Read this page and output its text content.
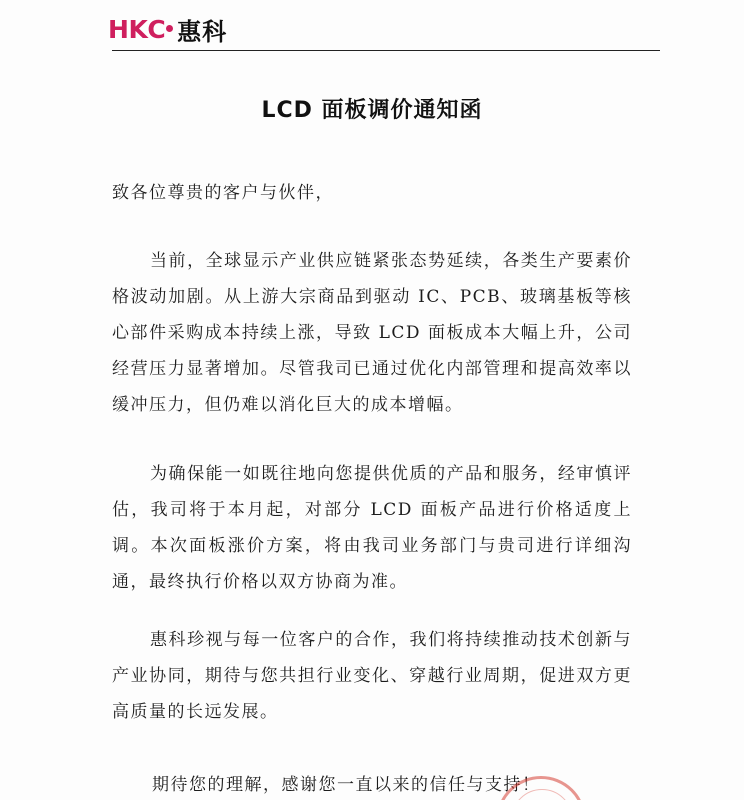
H K C 惠科
LCD 面板调价通知函
致各位尊贵的客户与伙伴，

当前，全球显示产业供应链紧张态势延续，各类生产要素价格波动加剧。从上游大宗商品到驱动 IC、PCB、玻璃基板等核心部件采购成本持续上涨，导致 LCD 面板成本大幅上升，公司经营压力显著增加。尽管我司已通过优化内部管理和提高效率以缓冲压力，但仍难以消化巨大的成本增幅。

为确保能一如既往地向您提供优质的产品和服务，经审慎评估，我司将于本月起，对部分 LCD 面板产品进行价格适度上调。本次面板涨价方案，将由我司业务部门与贵司进行详细沟通，最终执行价格以双方协商为准。

惠科珍视与每一位客户的合作，我们将持续推动技术创新与产业协同，期待与您共担行业变化、穿越行业周期，促进双方更高质量的长远发展。

期待您的理解，感谢您一直以来的信任与支持！
